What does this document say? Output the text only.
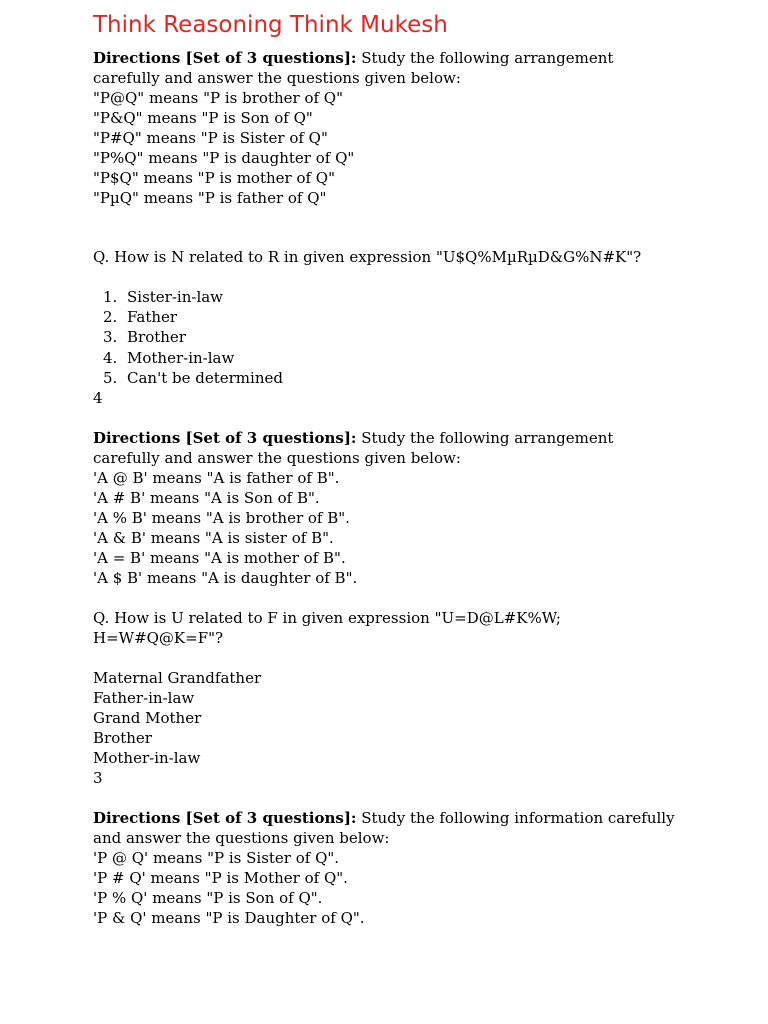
Think Reasoning Think Mukesh
Directions [Set of 3 questions]: Study the following arrangement
carefully and answer the questions given below:
"P@Q" means "P is brother of Q"
"P&Q" means "P is Son of Q"
"P#Q" means "P is Sister of Q"
"P%Q" means "P is daughter of Q"
"P$Q" means "P is mother of Q"
"PµQ" means "P is father of Q"
Q. How is N related to R in given expression "U$Q%MµRµD&G%N#K"?
1. Sister-in-law
2. Father
3. Brother
4. Mother-in-law
5. Can't be determined
4
Directions [Set of 3 questions]: Study the following arrangement
carefully and answer the questions given below:
'A @ B' means "A is father of B".
'A # B' means "A is Son of B".
'A % B' means "A is brother of B".
'A & B' means "A is sister of B".
'A = B' means "A is mother of B".
'A $ B' means "A is daughter of B".
Q. How is U related to F in given expression "U=D@L#K%W;
H=W#Q@K=F"?
Maternal Grandfather
Father-in-law
Grand Mother
Brother
Mother-in-law
3
Directions [Set of 3 questions]: Study the following information carefully
and answer the questions given below:
'P @ Q' means "P is Sister of Q".
'P # Q' means "P is Mother of Q".
'P % Q' means "P is Son of Q".
'P & Q' means "P is Daughter of Q".
